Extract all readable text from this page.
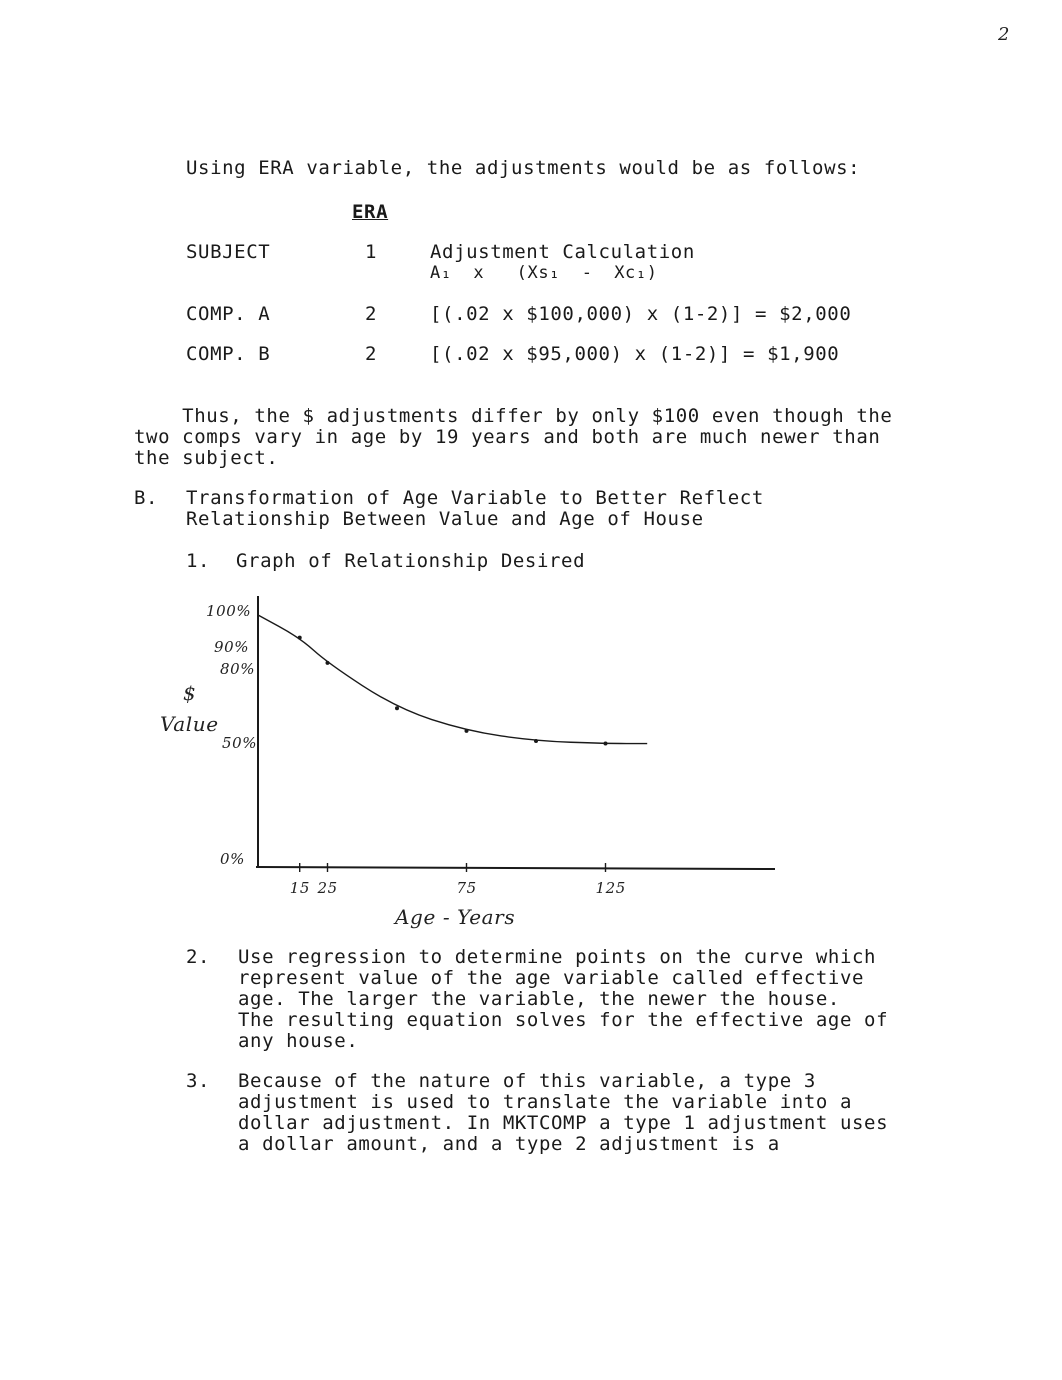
2
Using ERA variable, the adjustments would be as follows:
ERA
SUBJECT	1	Adjustment Calculation
A₁  x   (Xs₁  -  Xc₁)
COMP. A	2	[(.02 x $100,000) x (1-2)] = $2,000
COMP. B	2	[(.02 x $95,000) x (1-2)] = $1,900
Thus, the $ adjustments differ by only $100 even though the
two comps vary in age by 19 years and both are much newer than
the subject.
B. Transformation of Age Variable to Better Reflect
Relationship Between Value and Age of House
1. Graph of Relationship Desired
15 25	75	125
100%
90%
80%
50%
0%
$
Value
Age - Years
2. Use regression to determine points on the curve which
represent value of the age variable called effective
age. The larger the variable, the newer the house.
The resulting equation solves for the effective age of
any house.
3. Because of the nature of this variable, a type 3
adjustment is used to translate the variable into a
dollar adjustment. In MKTCOMP a type 1 adjustment uses
a dollar amount, and a type 2 adjustment is a
